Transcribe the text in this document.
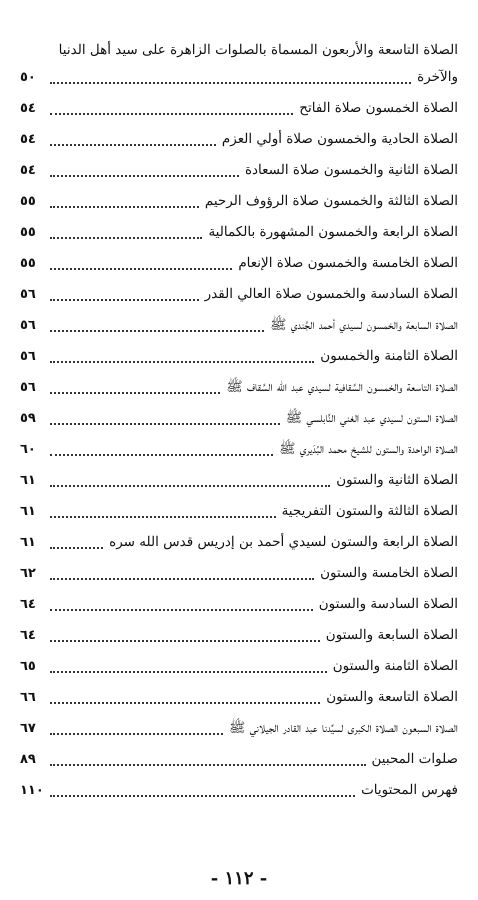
الصلاة التاسعة والأربعون المسماة بالصلوات الزاهرة على سيد أهل الدنيا
والآخرة
٥٠
الصلاة الخمسون صلاة الفاتح
٥٤
الصلاة الحادية والخمسون صلاة أولي العزم
٥٤
الصلاة الثانية والخمسون صلاة السعادة
٥٤
الصلاة الثالثة والخمسون صلاة الرؤوف الرحيم
٥٥
الصلاة الرابعة والخمسون المشهورة بالكمالية
٥٥
الصلاة الخامسة والخمسون صلاة الإنعام
٥٥
الصلاة السادسة والخمسون صلاة العالي القدر
٥٦
الصلاة السابعة والخمسون لسيدي أحمد الجُندي ﷺ
٥٦
الصلاة الثامنة والخمسون
٥٦
الصلاة التاسعة والخمسون السَّقافية لسيدي عبد الله السَّقاف ﷺ
٥٦
الصلاة الستون لسيدي عبد الغني النَّابلسي ﷺ
٥٩
الصلاة الواحدة والستون للشيخ محمد البُدَيري ﷺ
٦٠
الصلاة الثانية والستون
٦١
الصلاة الثالثة والستون التفريجية
٦١
الصلاة الرابعة والستون لسيدي أحمد بن إدريس قدس الله سره
٦١
الصلاة الخامسة والستون
٦٢
الصلاة السادسة والستون
٦٤
الصلاة السابعة والستون
٦٤
الصلاة الثامنة والستون
٦٥
الصلاة التاسعة والستون
٦٦
الصلاة السبعون الصلاة الكبرى لسيِّدنا عبد القادر الجيلاني ﷺ
٦٧
صلوات المحبين
٨٩
فهرس المحتويات
١١٠
- ١١٢ -
